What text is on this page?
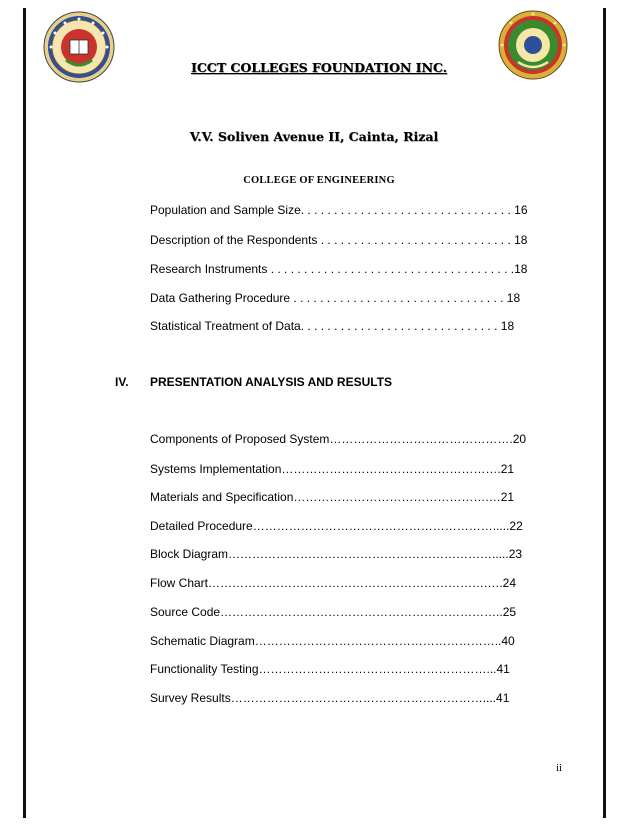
ICCT COLLEGES FOUNDATION INC.
V.V. Soliven Avenue II, Cainta, Rizal
COLLEGE OF ENGINEERING
Population and Sample Size. . . . . . . . . . . . . . . . . . . . . . . . . . . . . . . . 16
Description of the Respondents . . . . . . . . . . . . . . . . . . . . . . . . . . . . . 18
Research Instruments . . . . . . . . . . . . . . . . . . . . . . . . . . . . . . . . . . . . .18
Data Gathering Procedure . . . . . . . . . . . . . . . . . . . . . . . . . . . . . . . . 18
Statistical Treatment of Data. . . . . . . . . . . . . . . . . . . . . . . . . . . . . . 18
IV. PRESENTATION ANALYSIS AND RESULTS
Components of Proposed System……………………………………….20
Systems Implementation……………………………………………….21
Materials and Specification………………………………………….…21
Detailed Procedure…………………………………………………….....22
Block Diagram………………………………………………………….....23
Flow Chart…………………………………………………………….….24
Source Code……………………………………………………………..25
Schematic Diagram……………………………………………………..40
Functionality Testing…………………………………………………...41
Survey Results………………………………………………………....41
ii
